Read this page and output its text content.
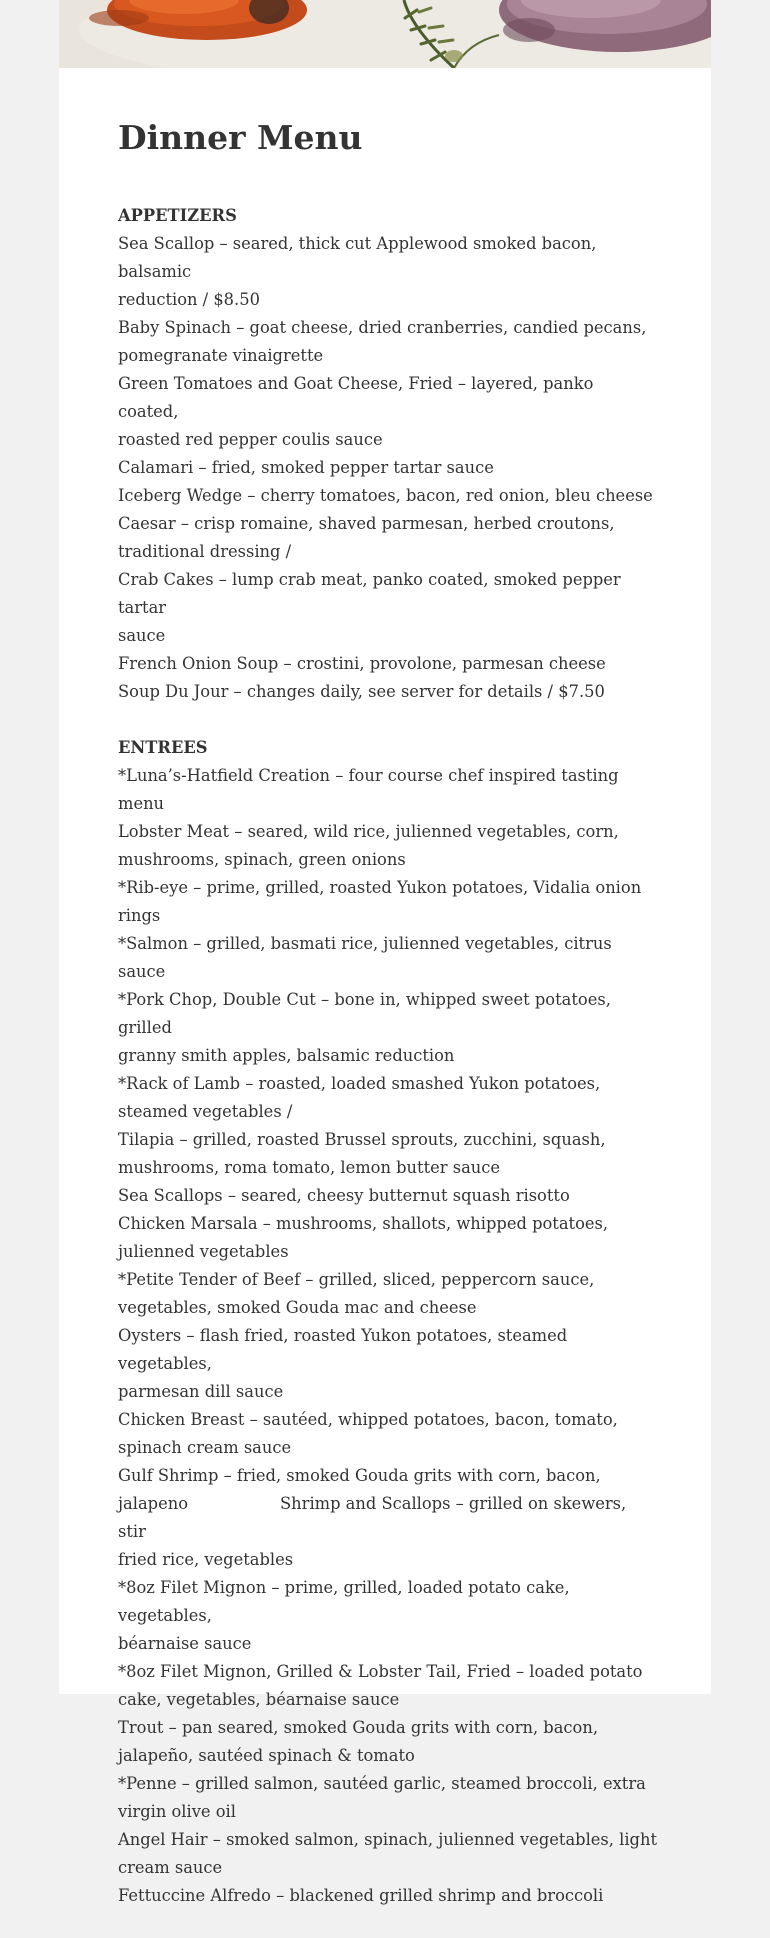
Dinner Menu
APPETIZERS
Sea Scallop – seared, thick cut Applewood smoked bacon, balsamic
reduction / $8.50
Baby Spinach – goat cheese, dried cranberries, candied pecans,
pomegranate vinaigrette
Green Tomatoes and Goat Cheese, Fried – layered, panko coated,
roasted red pepper coulis sauce
Calamari – fried, smoked pepper tartar sauce
Iceberg Wedge – cherry tomatoes, bacon, red onion, bleu cheese
Caesar – crisp romaine, shaved parmesan, herbed croutons,
traditional dressing /
Crab Cakes – lump crab meat, panko coated, smoked pepper tartar
sauce
French Onion Soup – crostini, provolone, parmesan cheese
Soup Du Jour – changes daily, see server for details / $7.50
ENTREES
*Luna’s-Hatfield Creation – four course chef inspired tasting menu
Lobster Meat – seared, wild rice, julienned vegetables, corn,
mushrooms, spinach, green onions
*Rib-eye – prime, grilled, roasted Yukon potatoes, Vidalia onion
rings
*Salmon – grilled, basmati rice, julienned vegetables, citrus sauce
*Pork Chop, Double Cut – bone in, whipped sweet potatoes, grilled
granny smith apples, balsamic reduction
*Rack of Lamb – roasted, loaded smashed Yukon potatoes,
steamed vegetables /
Tilapia – grilled, roasted Brussel sprouts, zucchini, squash,
mushrooms, roma tomato, lemon butter sauce
Sea Scallops – seared, cheesy butternut squash risotto
Chicken Marsala – mushrooms, shallots, whipped potatoes,
julienned vegetables
*Petite Tender of Beef – grilled, sliced, peppercorn sauce,
vegetables, smoked Gouda mac and cheese
Oysters – flash fried, roasted Yukon potatoes, steamed vegetables,
parmesan dill sauce
Chicken Breast – sautéed, whipped potatoes, bacon, tomato,
spinach cream sauce
Gulf Shrimp – fried, smoked Gouda grits with corn, bacon,
jalapeno	Shrimp and Scallops – grilled on skewers, stir
fried rice, vegetables
*8oz Filet Mignon – prime, grilled, loaded potato cake, vegetables,
béarnaise sauce
*8oz Filet Mignon, Grilled & Lobster Tail, Fried – loaded potato
cake, vegetables, béarnaise sauce
Trout – pan seared, smoked Gouda grits with corn, bacon,
jalapeño, sautéed spinach & tomato
*Penne – grilled salmon, sautéed garlic, steamed broccoli, extra
virgin olive oil
Angel Hair – smoked salmon, spinach, julienned vegetables, light
cream sauce
Fettuccine Alfredo – blackened grilled shrimp and broccoli
